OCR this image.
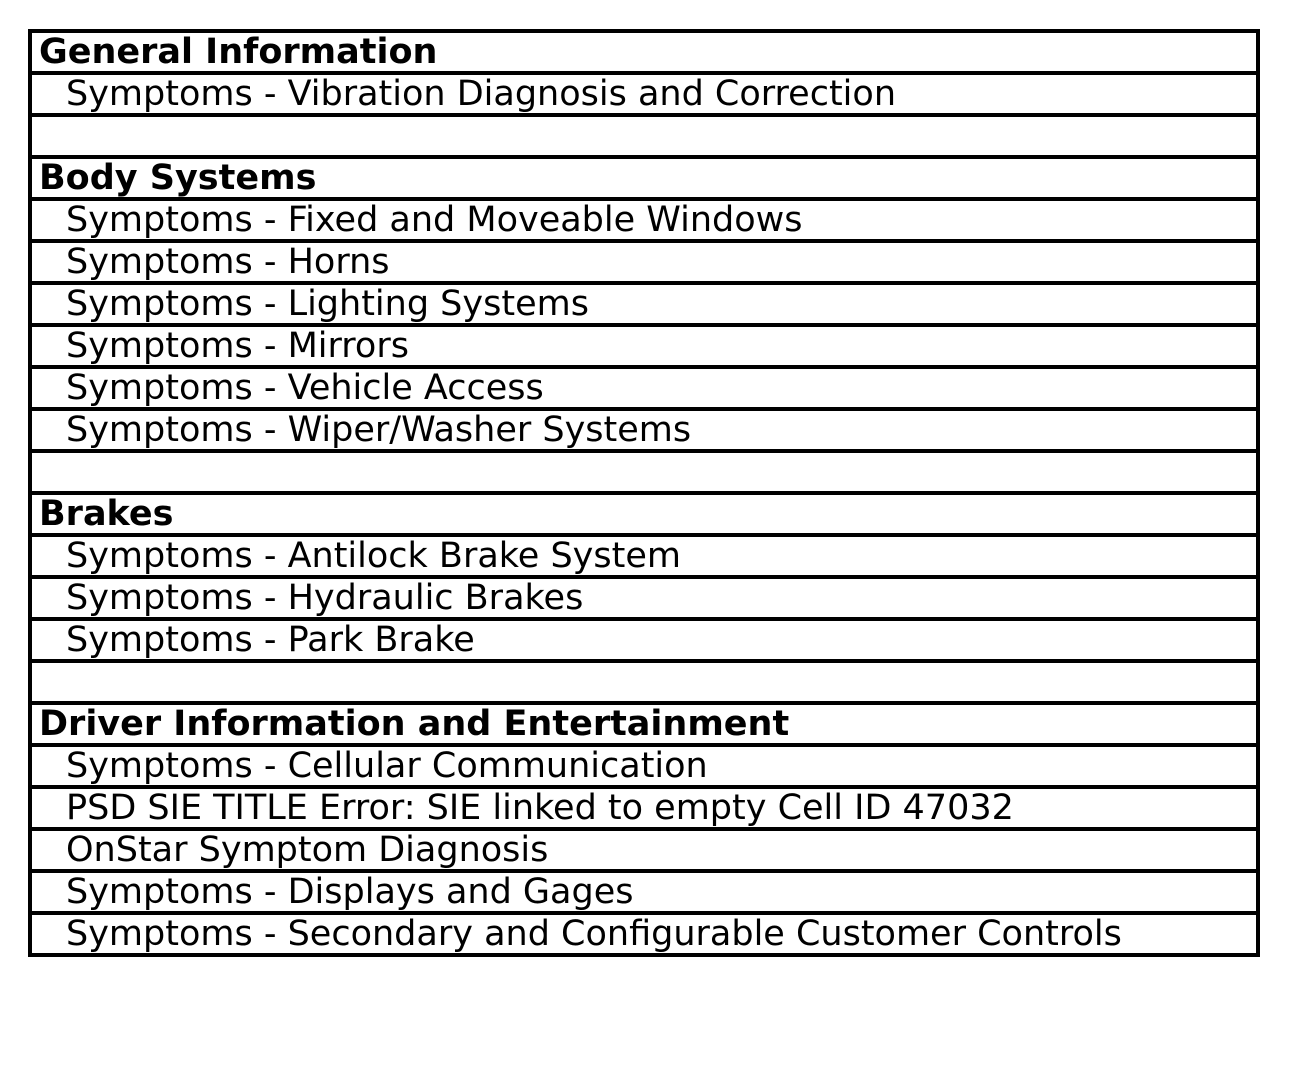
General Information
Symptoms - Vibration Diagnosis and Correction

Body Systems
Symptoms - Fixed and Moveable Windows
Symptoms - Horns
Symptoms - Lighting Systems
Symptoms - Mirrors
Symptoms - Vehicle Access
Symptoms - Wiper/Washer Systems

Brakes
Symptoms - Antilock Brake System
Symptoms - Hydraulic Brakes
Symptoms - Park Brake

Driver Information and Entertainment
Symptoms - Cellular Communication
PSD SIE TITLE Error: SIE linked to empty Cell ID 47032
OnStar Symptom Diagnosis
Symptoms - Displays and Gages
Symptoms - Secondary and Configurable Customer Controls
